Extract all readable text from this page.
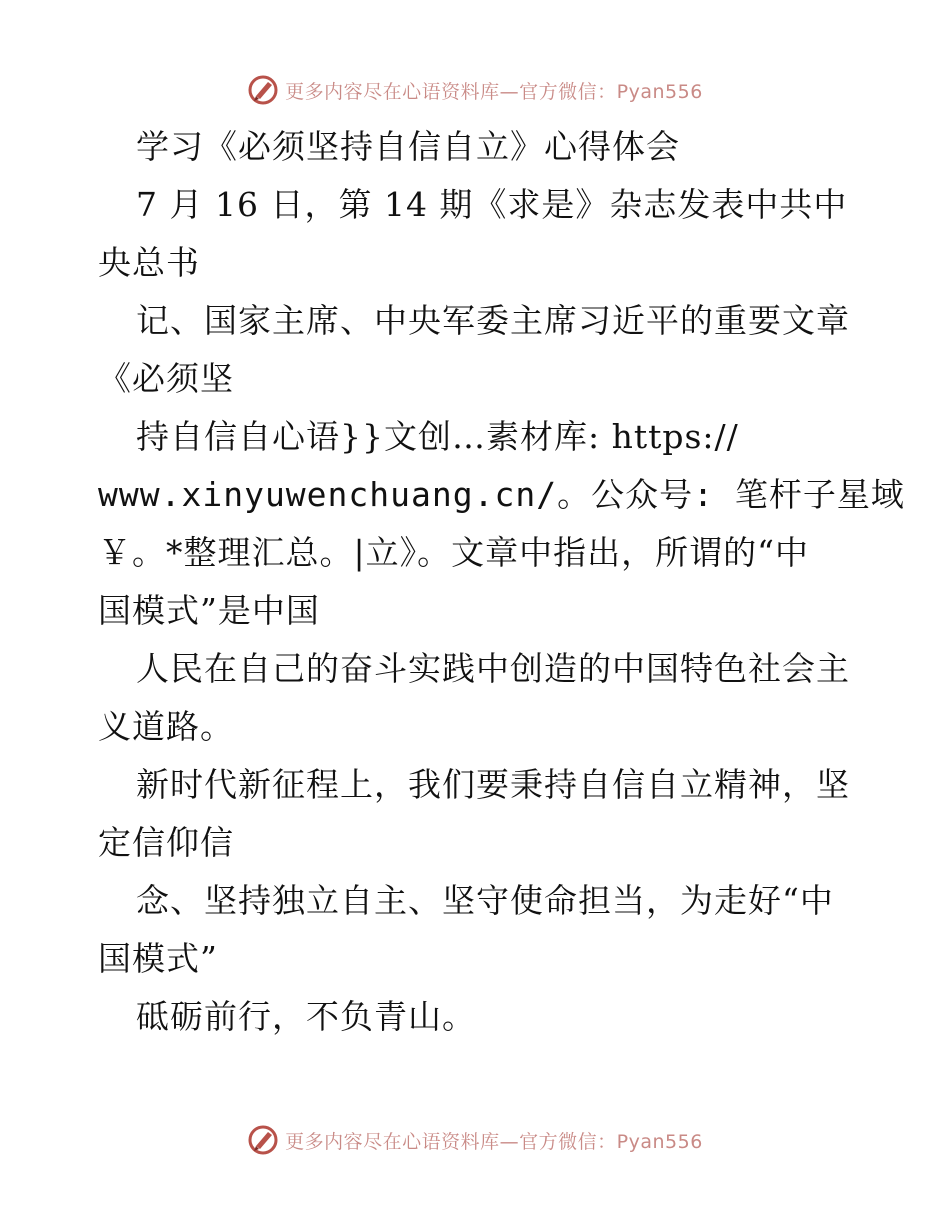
更多内容尽在心语资料库—官方微信：Pyan556
学习《必须坚持自信自立》心得体会
7 月 16 日，第 14 期《求是》杂志发表中共中
央总书
记、国家主席、中央军委主席习近平的重要文章
《必须坚
持自信自心语}}文创…素材库: https://
www.xinyuwenchuang.cn/。公众号: 笔杆子星域
￥。*整理汇总。|立》。文章中指出，所谓的“中
国模式”是中国
人民在自己的奋斗实践中创造的中国特色社会主
义道路。
新时代新征程上，我们要秉持自信自立精神，坚
定信仰信
念、坚持独立自主、坚守使命担当，为走好“中
国模式”
砥砺前行，不负青山。
更多内容尽在心语资料库—官方微信：Pyan556
